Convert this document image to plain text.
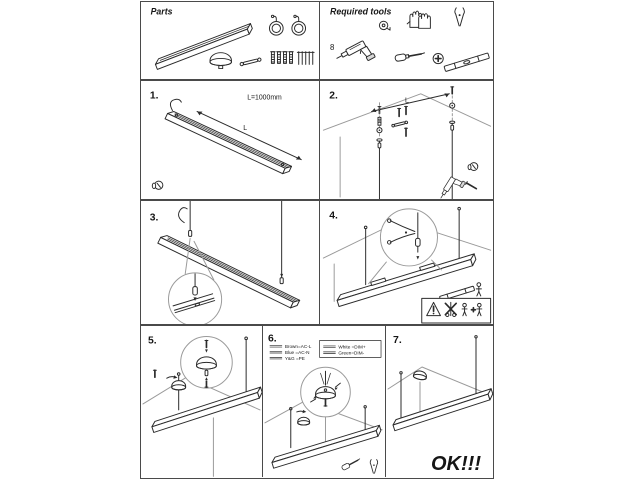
Parts	Required tools
8
1.	L=1000mm
L
2.	L
3.	4.
5.	6.
Brown=AC-L
Blue =AC-N
Y&G =PE
White =DIM+
Green=DIM-
7.
OK!!!
